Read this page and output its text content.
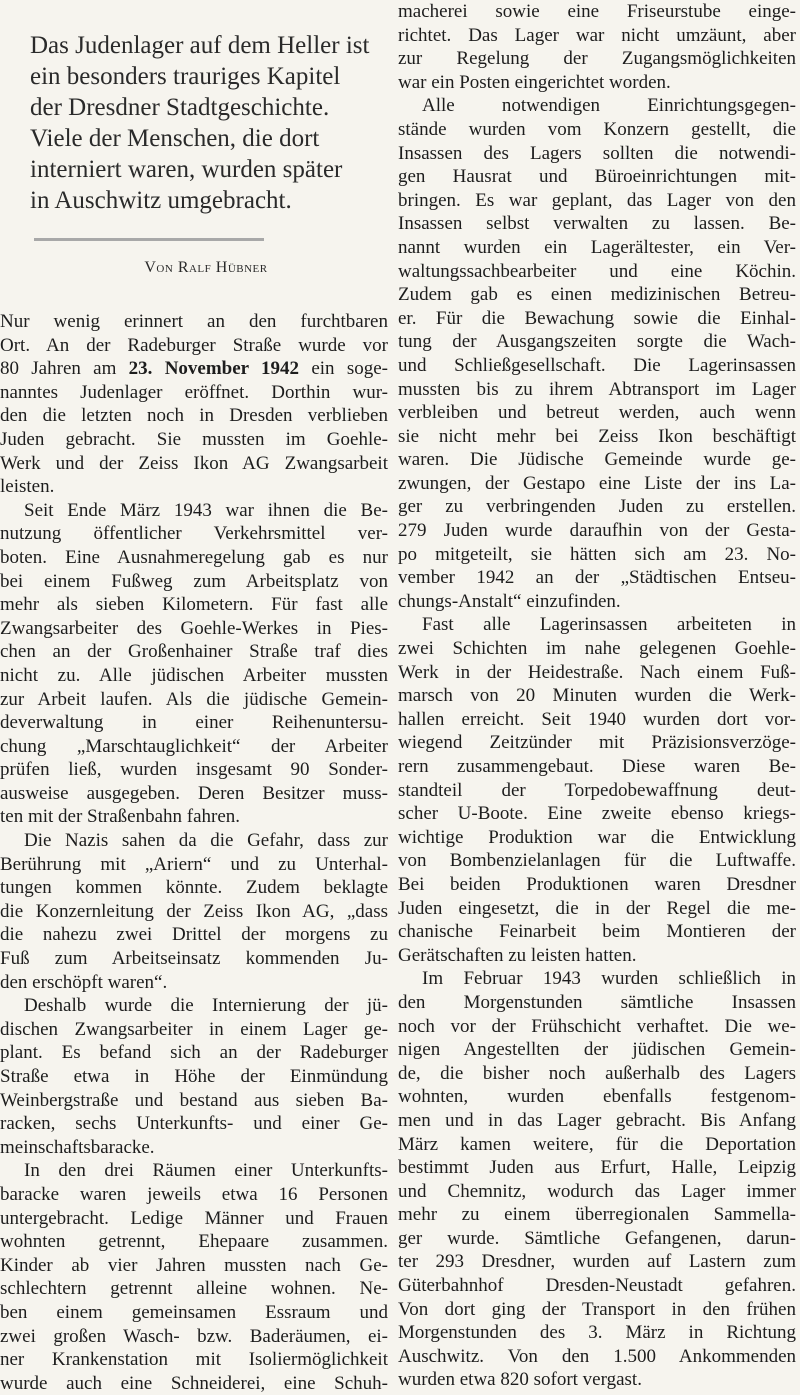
Das Judenlager auf dem Heller ist
ein besonders trauriges Kapitel
der Dresdner Stadtgeschichte.
Viele der Menschen, die dort
interniert waren, wurden später
in Auschwitz umgebracht.
Von Ralf Hübner
Nur wenig erinnert an den furchtbaren
Ort. An der Radeburger Straße wurde vor
80 Jahren am 23. November 1942 ein soge-
nanntes Judenlager eröffnet. Dorthin wur-
den die letzten noch in Dresden verblieben
Juden gebracht. Sie mussten im Goehle-
Werk und der Zeiss Ikon AG Zwangsarbeit
leisten.
Seit Ende März 1943 war ihnen die Be-
nutzung öffentlicher Verkehrsmittel ver-
boten. Eine Ausnahmeregelung gab es nur
bei einem Fußweg zum Arbeitsplatz von
mehr als sieben Kilometern. Für fast alle
Zwangsarbeiter des Goehle-Werkes in Pies-
chen an der Großenhainer Straße traf dies
nicht zu. Alle jüdischen Arbeiter mussten
zur Arbeit laufen. Als die jüdische Gemein-
deverwaltung in einer Reihenuntersu-
chung „Marschtauglichkeit“ der Arbeiter
prüfen ließ, wurden insgesamt 90 Sonder-
ausweise ausgegeben. Deren Besitzer muss-
ten mit der Straßenbahn fahren.
Die Nazis sahen da die Gefahr, dass zur
Berührung mit „Ariern“ und zu Unterhal-
tungen kommen könnte. Zudem beklagte
die Konzernleitung der Zeiss Ikon AG, „dass
die nahezu zwei Drittel der morgens zu
Fuß zum Arbeitseinsatz kommenden Ju-
den erschöpft waren“.
Deshalb wurde die Internierung der jü-
dischen Zwangsarbeiter in einem Lager ge-
plant. Es befand sich an der Radeburger
Straße etwa in Höhe der Einmündung
Weinbergstraße und bestand aus sieben Ba-
racken, sechs Unterkunfts- und einer Ge-
meinschaftsbaracke.
In den drei Räumen einer Unterkunfts-
baracke waren jeweils etwa 16 Personen
untergebracht. Ledige Männer und Frauen
wohnten getrennt, Ehepaare zusammen.
Kinder ab vier Jahren mussten nach Ge-
schlechtern getrennt alleine wohnen. Ne-
ben einem gemeinsamen Essraum und
zwei großen Wasch- bzw. Baderäumen, ei-
ner Krankenstation mit Isoliermöglichkeit
wurde auch eine Schneiderei, eine Schuh-
macherei sowie eine Friseurstube einge-
richtet. Das Lager war nicht umzäunt, aber
zur Regelung der Zugangsmöglichkeiten
war ein Posten eingerichtet worden.
Alle notwendigen Einrichtungsgegen-
stände wurden vom Konzern gestellt, die
Insassen des Lagers sollten die notwendi-
gen Hausrat und Büroeinrichtungen mit-
bringen. Es war geplant, das Lager von den
Insassen selbst verwalten zu lassen. Be-
nannt wurden ein Lagerältester, ein Ver-
waltungssachbearbeiter und eine Köchin.
Zudem gab es einen medizinischen Betreu-
er. Für die Bewachung sowie die Einhal-
tung der Ausgangszeiten sorgte die Wach-
und Schließgesellschaft. Die Lagerinsassen
mussten bis zu ihrem Abtransport im Lager
verbleiben und betreut werden, auch wenn
sie nicht mehr bei Zeiss Ikon beschäftigt
waren. Die Jüdische Gemeinde wurde ge-
zwungen, der Gestapo eine Liste der ins La-
ger zu verbringenden Juden zu erstellen.
279 Juden wurde daraufhin von der Gesta-
po mitgeteilt, sie hätten sich am 23. No-
vember 1942 an der „Städtischen Entseu-
chungs-Anstalt“ einzufinden.
Fast alle Lagerinsassen arbeiteten in
zwei Schichten im nahe gelegenen Goehle-
Werk in der Heidestraße. Nach einem Fuß-
marsch von 20 Minuten wurden die Werk-
hallen erreicht. Seit 1940 wurden dort vor-
wiegend Zeitzünder mit Präzisionsverzöge-
rern zusammengebaut. Diese waren Be-
standteil der Torpedobewaffnung deut-
scher U-Boote. Eine zweite ebenso kriegs-
wichtige Produktion war die Entwicklung
von Bombenzielanlagen für die Luftwaffe.
Bei beiden Produktionen waren Dresdner
Juden eingesetzt, die in der Regel die me-
chanische Feinarbeit beim Montieren der
Gerätschaften zu leisten hatten.
Im Februar 1943 wurden schließlich in
den Morgenstunden sämtliche Insassen
noch vor der Frühschicht verhaftet. Die we-
nigen Angestellten der jüdischen Gemein-
de, die bisher noch außerhalb des Lagers
wohnten, wurden ebenfalls festgenom-
men und in das Lager gebracht. Bis Anfang
März kamen weitere, für die Deportation
bestimmt Juden aus Erfurt, Halle, Leipzig
und Chemnitz, wodurch das Lager immer
mehr zu einem überregionalen Sammella-
ger wurde. Sämtliche Gefangenen, darun-
ter 293 Dresdner, wurden auf Lastern zum
Güterbahnhof Dresden-Neustadt gefahren.
Von dort ging der Transport in den frühen
Morgenstunden des 3. März in Richtung
Auschwitz. Von den 1.500 Ankommenden
wurden etwa 820 sofort vergast.
